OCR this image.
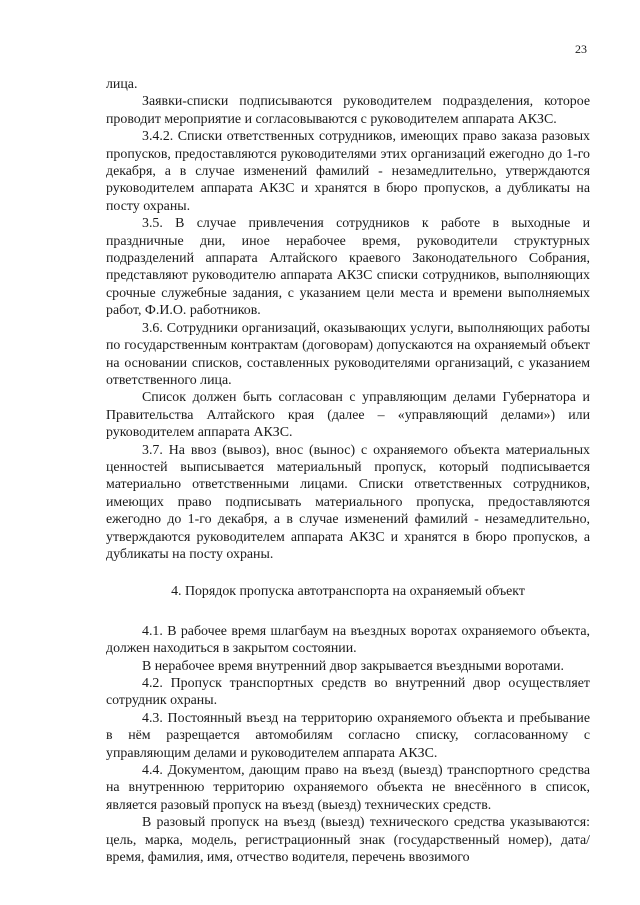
23

лица.

Заявки-списки подписываются руководителем подразделения, которое проводит мероприятие и согласовываются с руководителем аппарата АКЗС.

3.4.2. Списки ответственных сотрудников, имеющих право заказа разовых пропусков, предоставляются руководителями этих организаций ежегодно до 1-го декабря, а в случае изменений фамилий - незамедлительно, утверждаются руководителем аппарата АКЗС и хранятся в бюро пропусков, а дубликаты на посту охраны.

3.5. В случае привлечения сотрудников к работе в выходные и праздничные дни, иное нерабочее время, руководители структурных подразделений аппарата Алтайского краевого Законодательного Собрания, представляют руководителю аппарата АКЗС списки сотрудников, выполняющих срочные служебные задания, с указанием цели места и времени выполняемых работ, Ф.И.О. работников.

3.6. Сотрудники организаций, оказывающих услуги, выполняющих работы по государственным контрактам (договорам) допускаются на охраняемый объект на основании списков, составленных руководителями организаций, с указанием ответственного лица.

Список должен быть согласован с управляющим делами Губернатора и Правительства Алтайского края (далее – «управляющий делами») или руководителем аппарата АКЗС.

3.7. На ввоз (вывоз), внос (вынос) с охраняемого объекта материальных ценностей выписывается материальный пропуск, который подписывается материально ответственными лицами. Списки ответственных сотрудников, имеющих право подписывать материального пропуска, предоставляются ежегодно до 1-го декабря, а в случае изменений фамилий - незамедлительно, утверждаются руководителем аппарата АКЗС и хранятся в бюро пропусков, а дубликаты на посту охраны.

4. Порядок пропуска автотранспорта на охраняемый объект

4.1. В рабочее время шлагбаум на въездных воротах охраняемого объекта, должен находиться в закрытом состоянии.

В нерабочее время внутренний двор закрывается въездными воротами.

4.2. Пропуск транспортных средств во внутренний двор осуществляет сотрудник охраны.

4.3. Постоянный въезд на территорию охраняемого объекта и пребывание в нём разрещается автомобилям согласно списку, согласованному с управляющим делами и руководителем аппарата АКЗС.

4.4. Документом, дающим право на въезд (выезд) транспортного средства на внутреннюю территорию охраняемого объекта не внесённого в список, является разовый пропуск на въезд (выезд) технических средств.

В разовый пропуск на въезд (выезд) технического средства указываются: цель, марка, модель, регистрационный знак (государственный номер), дата/время, фамилия, имя, отчество водителя, перечень ввозимого
